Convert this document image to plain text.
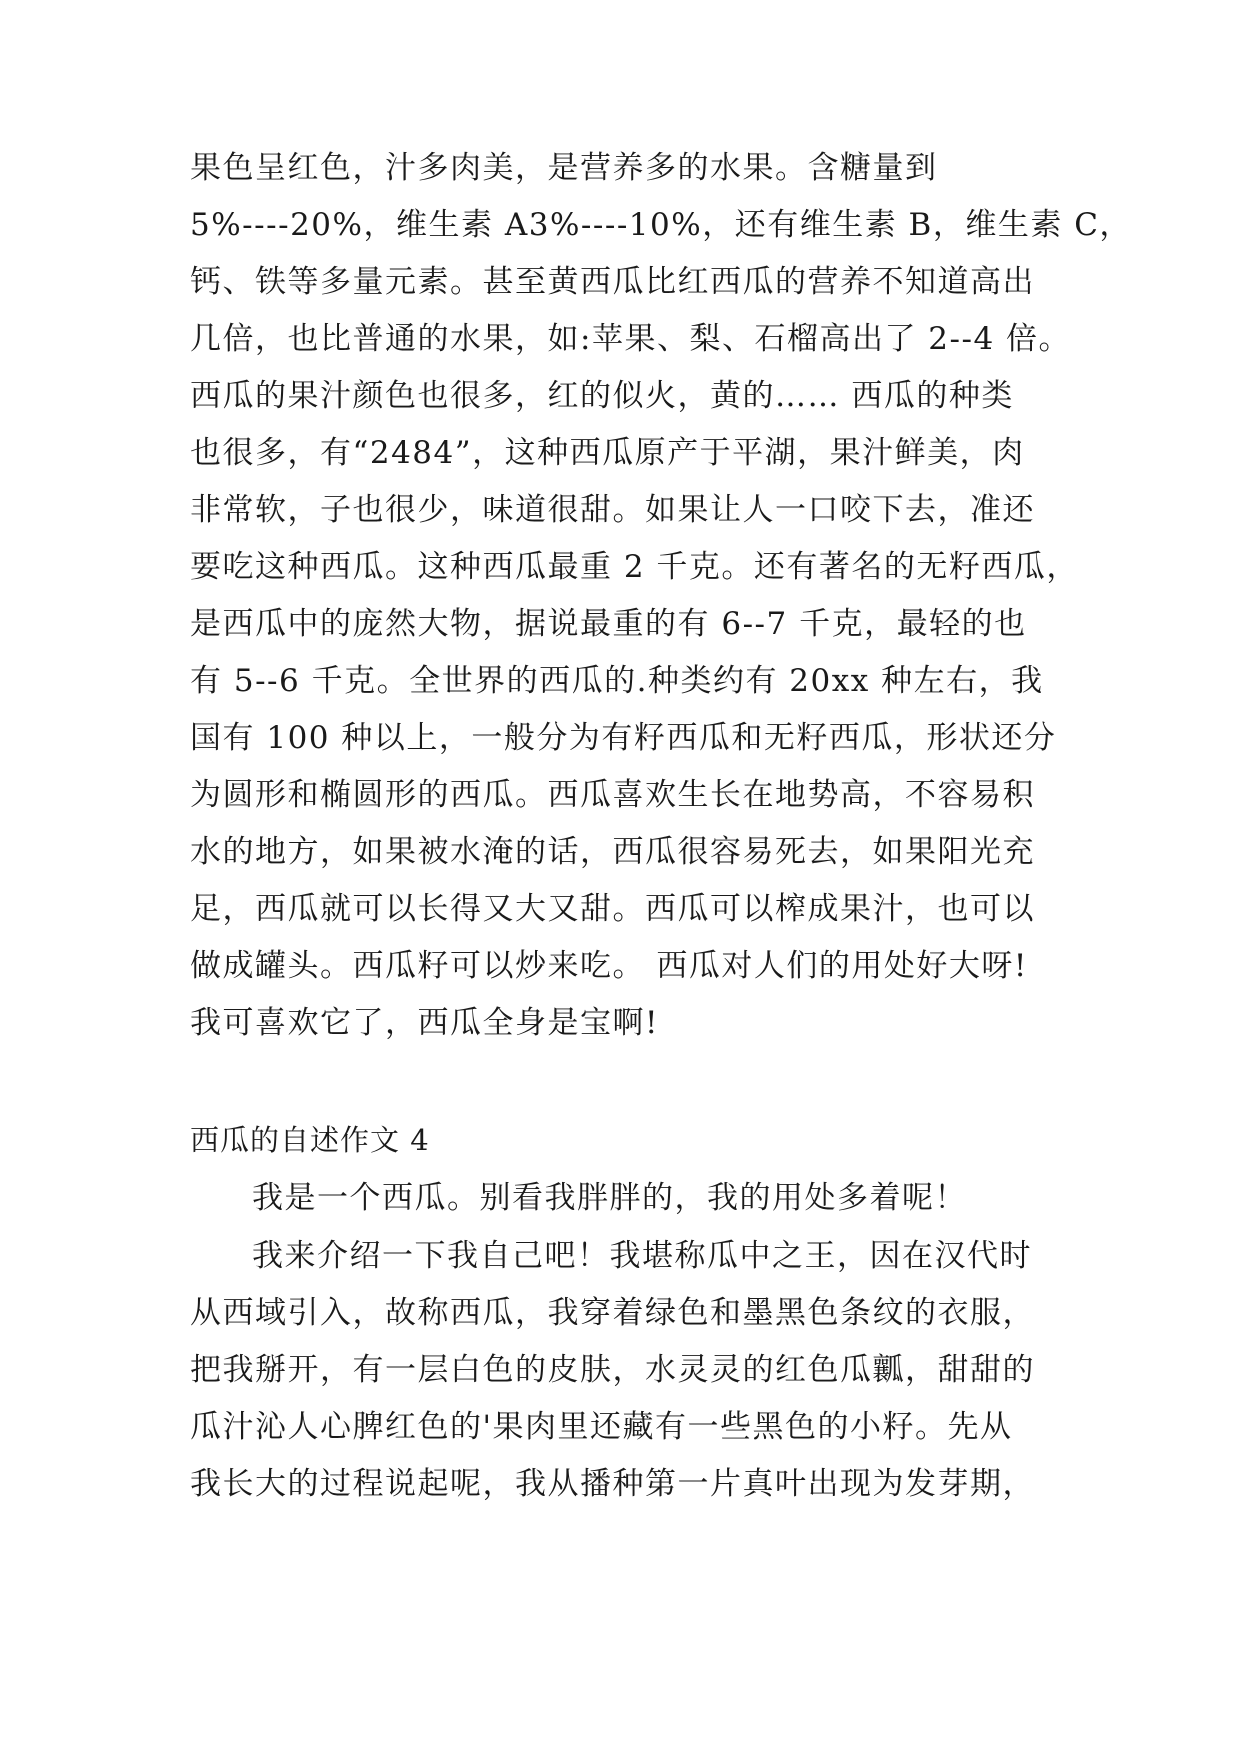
果色呈红色，汁多肉美，是营养多的水果。含糖量到
5%----20%，维生素 A3%----10%，还有维生素 B，维生素 C，
钙、铁等多量元素。甚至黄西瓜比红西瓜的营养不知道高出
几倍，也比普通的水果，如:苹果、梨、石榴高出了 2--4 倍。
西瓜的果汁颜色也很多，红的似火，黄的…… 西瓜的种类
也很多，有“2484”，这种西瓜原产于平湖，果汁鲜美，肉
非常软，子也很少，味道很甜。如果让人一口咬下去，准还
要吃这种西瓜。这种西瓜最重 2 千克。还有著名的无籽西瓜，
是西瓜中的庞然大物，据说最重的有 6--7 千克，最轻的也
有 5--6 千克。全世界的西瓜的.种类约有 20xx 种左右，我
国有 100 种以上，一般分为有籽西瓜和无籽西瓜，形状还分
为圆形和椭圆形的西瓜。西瓜喜欢生长在地势高，不容易积
水的地方，如果被水淹的话，西瓜很容易死去，如果阳光充
足，西瓜就可以长得又大又甜。西瓜可以榨成果汁，也可以
做成罐头。西瓜籽可以炒来吃。 西瓜对人们的用处好大呀!
我可喜欢它了，西瓜全身是宝啊!
西瓜的自述作文 4
我是一个西瓜。别看我胖胖的，我的用处多着呢！
我来介绍一下我自己吧！我堪称瓜中之王，因在汉代时
从西域引入，故称西瓜，我穿着绿色和墨黑色条纹的衣服，
把我掰开，有一层白色的皮肤，水灵灵的红色瓜瓤，甜甜的
瓜汁沁人心脾红色的'果肉里还藏有一些黑色的小籽。先从
我长大的过程说起呢，我从播种第一片真叶出现为发芽期，
